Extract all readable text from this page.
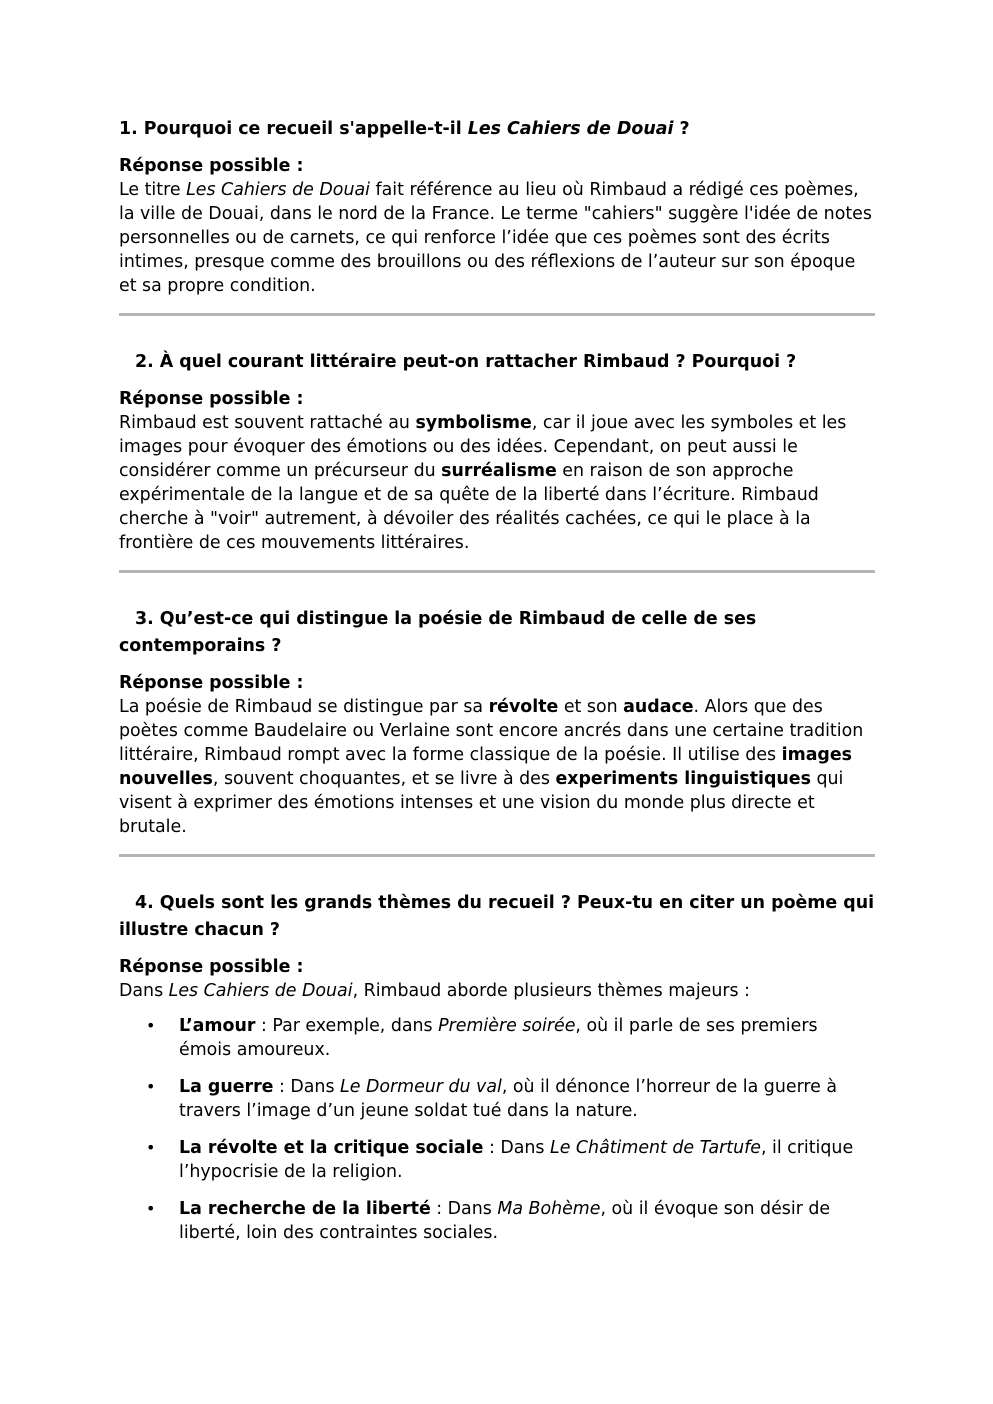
1. Pourquoi ce recueil s'appelle-t-il Les Cahiers de Douai ?

Réponse possible :

Le titre Les Cahiers de Douai fait référence au lieu où Rimbaud a rédigé ces poèmes, la ville de Douai, dans le nord de la France. Le terme "cahiers" suggère l'idée de notes personnelles ou de carnets, ce qui renforce l’idée que ces poèmes sont des écrits intimes, presque comme des brouillons ou des réflexions de l’auteur sur son époque et sa propre condition.

2. À quel courant littéraire peut-on rattacher Rimbaud ? Pourquoi ?

Réponse possible :

Rimbaud est souvent rattaché au symbolisme, car il joue avec les symboles et les images pour évoquer des émotions ou des idées. Cependant, on peut aussi le considérer comme un précurseur du surréalisme en raison de son approche expérimentale de la langue et de sa quête de la liberté dans l’écriture. Rimbaud cherche à "voir" autrement, à dévoiler des réalités cachées, ce qui le place à la frontière de ces mouvements littéraires.

3. Qu’est-ce qui distingue la poésie de Rimbaud de celle de ses contemporains ?

Réponse possible :

La poésie de Rimbaud se distingue par sa révolte et son audace. Alors que des poètes comme Baudelaire ou Verlaine sont encore ancrés dans une certaine tradition littéraire, Rimbaud rompt avec la forme classique de la poésie. Il utilise des images nouvelles, souvent choquantes, et se livre à des experiments linguistiques qui visent à exprimer des émotions intenses et une vision du monde plus directe et brutale.

4. Quels sont les grands thèmes du recueil ? Peux-tu en citer un poème qui illustre chacun ?

Réponse possible :

Dans Les Cahiers de Douai, Rimbaud aborde plusieurs thèmes majeurs :

• L’amour : Par exemple, dans Première soirée, où il parle de ses premiers émois amoureux.
• La guerre : Dans Le Dormeur du val, où il dénonce l’horreur de la guerre à travers l’image d’un jeune soldat tué dans la nature.
• La révolte et la critique sociale : Dans Le Châtiment de Tartufe, il critique l’hypocrisie de la religion.
• La recherche de la liberté : Dans Ma Bohème, où il évoque son désir de liberté, loin des contraintes sociales.
